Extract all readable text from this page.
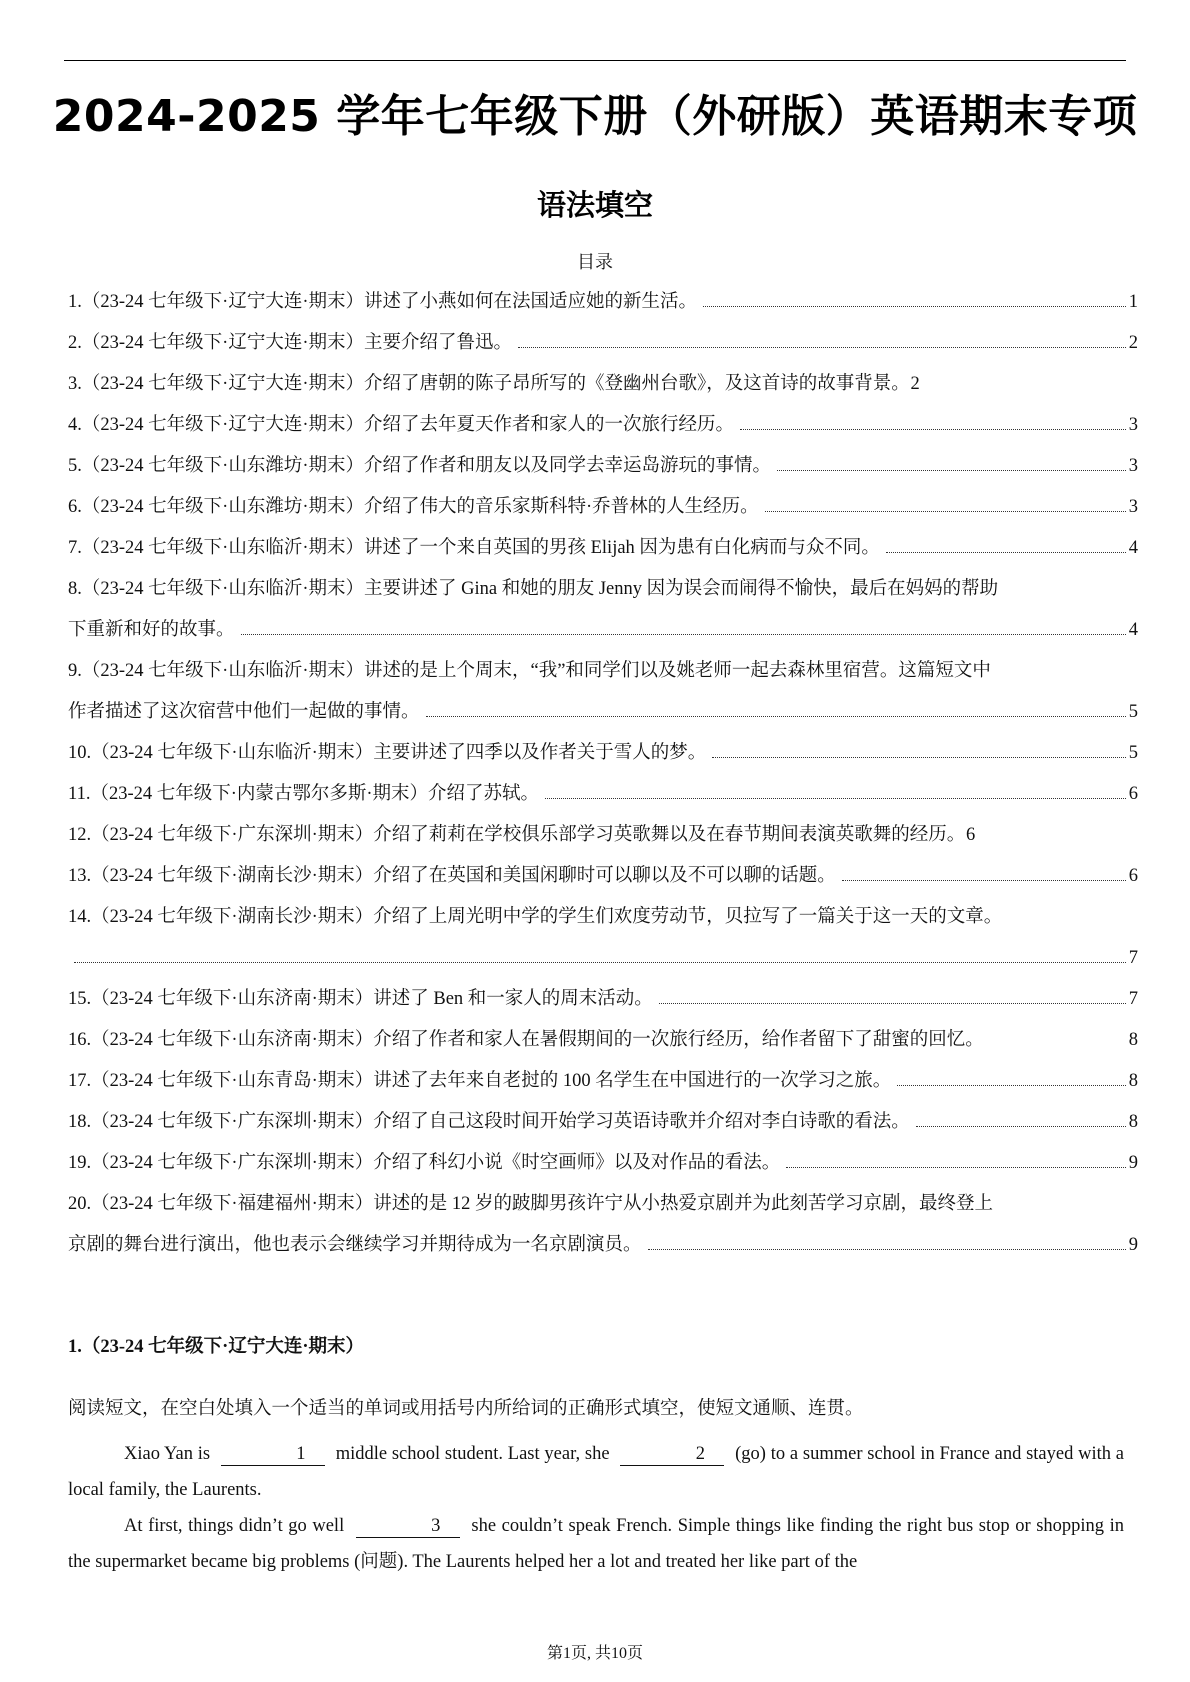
2024-2025 学年七年级下册（外研版）英语期末专项
语法填空
目录
1.（23-24 七年级下·辽宁大连·期末）讲述了小燕如何在法国适应她的新生活。	1
2.（23-24 七年级下·辽宁大连·期末）主要介绍了鲁迅。	2
3.（23-24 七年级下·辽宁大连·期末）介绍了唐朝的陈子昂所写的《登幽州台歌》，及这首诗的故事背景。 2
4.（23-24 七年级下·辽宁大连·期末）介绍了去年夏天作者和家人的一次旅行经历。	3
5.（23-24 七年级下·山东潍坊·期末）介绍了作者和朋友以及同学去幸运岛游玩的事情。	3
6.（23-24 七年级下·山东潍坊·期末）介绍了伟大的音乐家斯科特·乔普林的人生经历。	3
7.（23-24 七年级下·山东临沂·期末）讲述了一个来自英国的男孩 Elijah 因为患有白化病而与众不同。	4
8.（23-24 七年级下·山东临沂·期末）主要讲述了 Gina 和她的朋友 Jenny 因为误会而闹得不愉快，最后在妈妈的帮助
下重新和好的故事。	4
9.（23-24 七年级下·山东临沂·期末）讲述的是上个周末，“我”和同学们以及姚老师一起去森林里宿营。这篇短文中
作者描述了这次宿营中他们一起做的事情。	5
10.（23-24 七年级下·山东临沂·期末）主要讲述了四季以及作者关于雪人的梦。	5
11.（23-24 七年级下·内蒙古鄂尔多斯·期末）介绍了苏轼。	6
12.（23-24 七年级下·广东深圳·期末）介绍了莉莉在学校俱乐部学习英歌舞以及在春节期间表演英歌舞的经历。 6
13.（23-24 七年级下·湖南长沙·期末）介绍了在英国和美国闲聊时可以聊以及不可以聊的话题。	6
14.（23-24 七年级下·湖南长沙·期末）介绍了上周光明中学的学生们欢度劳动节，贝拉写了一篇关于这一天的文章。
7
15.（23-24 七年级下·山东济南·期末）讲述了 Ben 和一家人的周末活动。	7
16.（23-24 七年级下·山东济南·期末）介绍了作者和家人在暑假期间的一次旅行经历，给作者留下了甜蜜的回忆。	8
17.（23-24 七年级下·山东青岛·期末）讲述了去年来自老挝的 100 名学生在中国进行的一次学习之旅。	8
18.（23-24 七年级下·广东深圳·期末）介绍了自己这段时间开始学习英语诗歌并介绍对李白诗歌的看法。	8
19.（23-24 七年级下·广东深圳·期末）介绍了科幻小说《时空画师》以及对作品的看法。	9
20.（23-24 七年级下·福建福州·期末）讲述的是 12 岁的跛脚男孩许宁从小热爱京剧并为此刻苦学习京剧，最终登上
京剧的舞台进行演出，他也表示会继续学习并期待成为一名京剧演员。	9
1.（23-24 七年级下·辽宁大连·期末）
阅读短文，在空白处填入一个适当的单词或用括号内所给词的正确形式填空，使短文通顺、连贯。

Xiao Yan is	1 middle school student. Last year, she	2 (go) to a summer school in France and stayed with a local family, the Laurents.

At first, things didn’t go well	3 she couldn’t speak French. Simple things like finding the right bus stop or shopping in the supermarket became big problems (问题). The Laurents helped her a lot and treated her like part of the

第1页, 共10页
